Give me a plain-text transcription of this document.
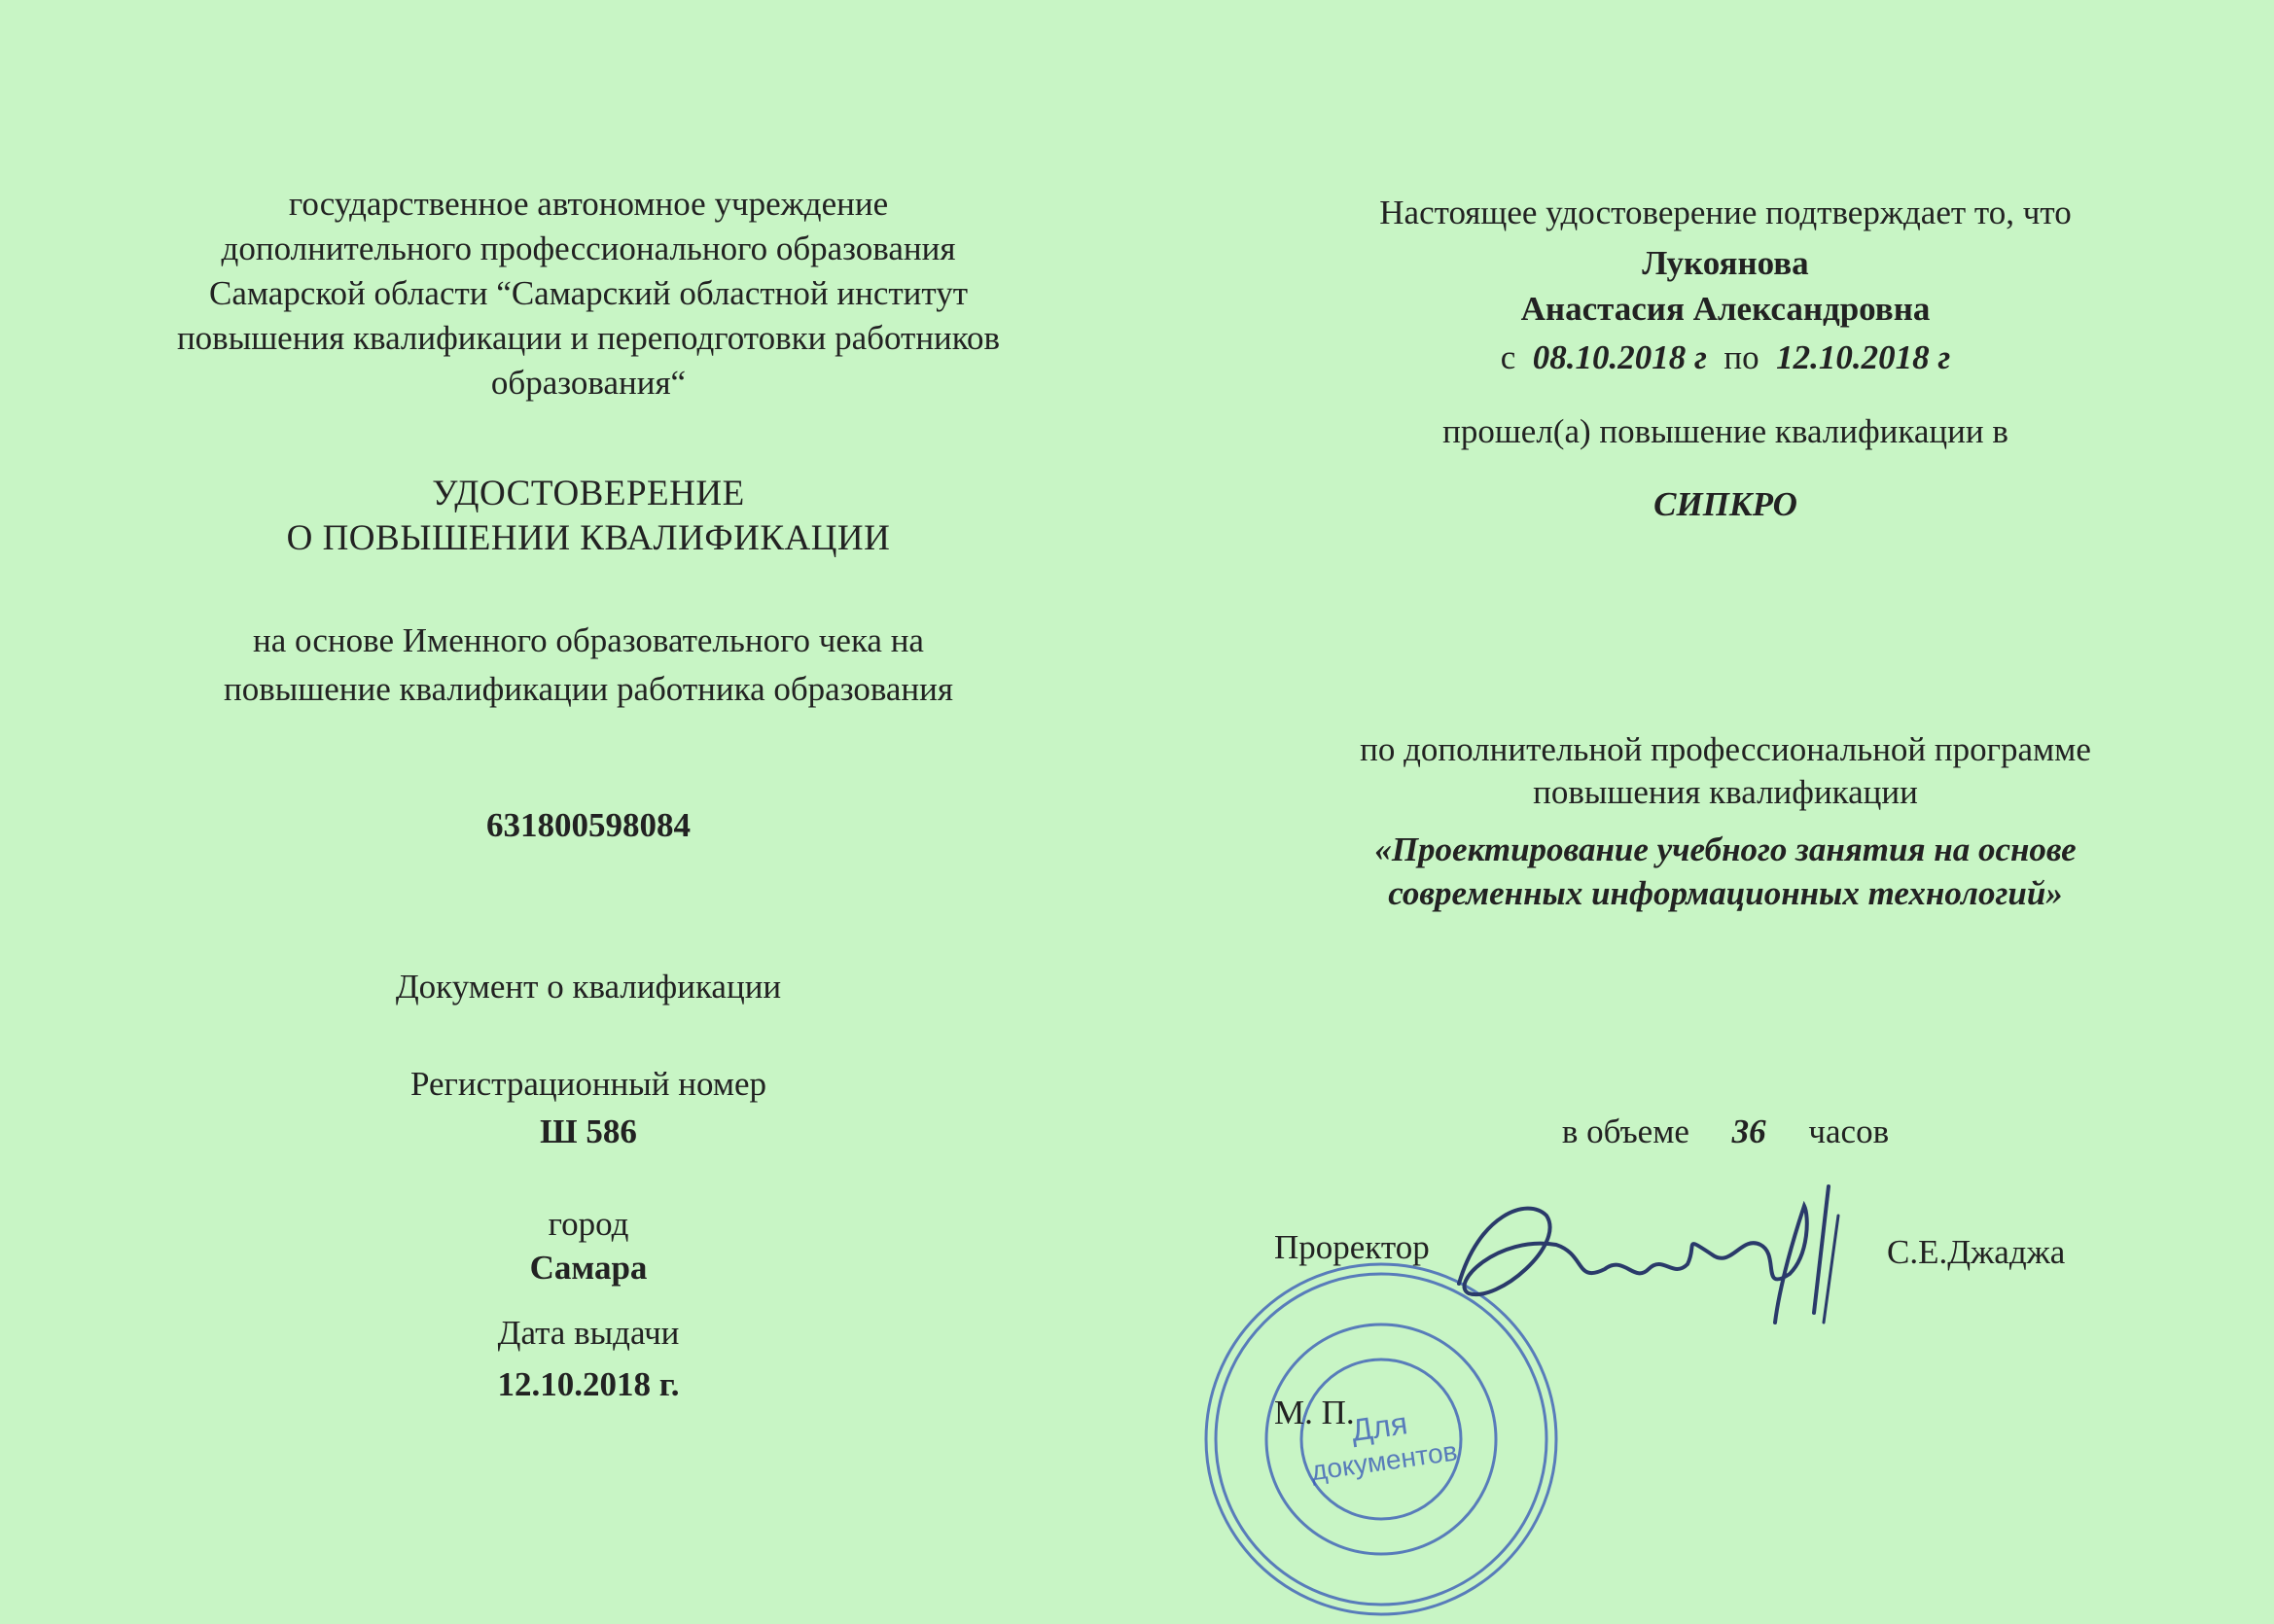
государственное автономное учреждение
дополнительного профессионального образования
Самарской области “Самарский областной институт
повышения квалификации и переподготовки работников
образования“
УДОСТОВЕРЕНИЕ
О ПОВЫШЕНИИ КВАЛИФИКАЦИИ
на основе Именного образовательного чека на
повышение квалификации работника образования
631800598084
Документ о квалификации
Регистрационный номер
Ш 586
город
Самара
Дата выдачи
12.10.2018 г.
Настоящее удостоверение подтверждает то, что
Лукоянова
Анастасия Александровна
с 08.10.2018 г по 12.10.2018 г
прошел(а) повышение квалификации в
СИПКРО
по дополнительной профессиональной программе
повышения квалификации
«Проектирование учебного занятия на основе
современных информационных технологий»
в объеме 36 часов
Проректор	С.Е.Джаджа
Для
документов
М. П.
